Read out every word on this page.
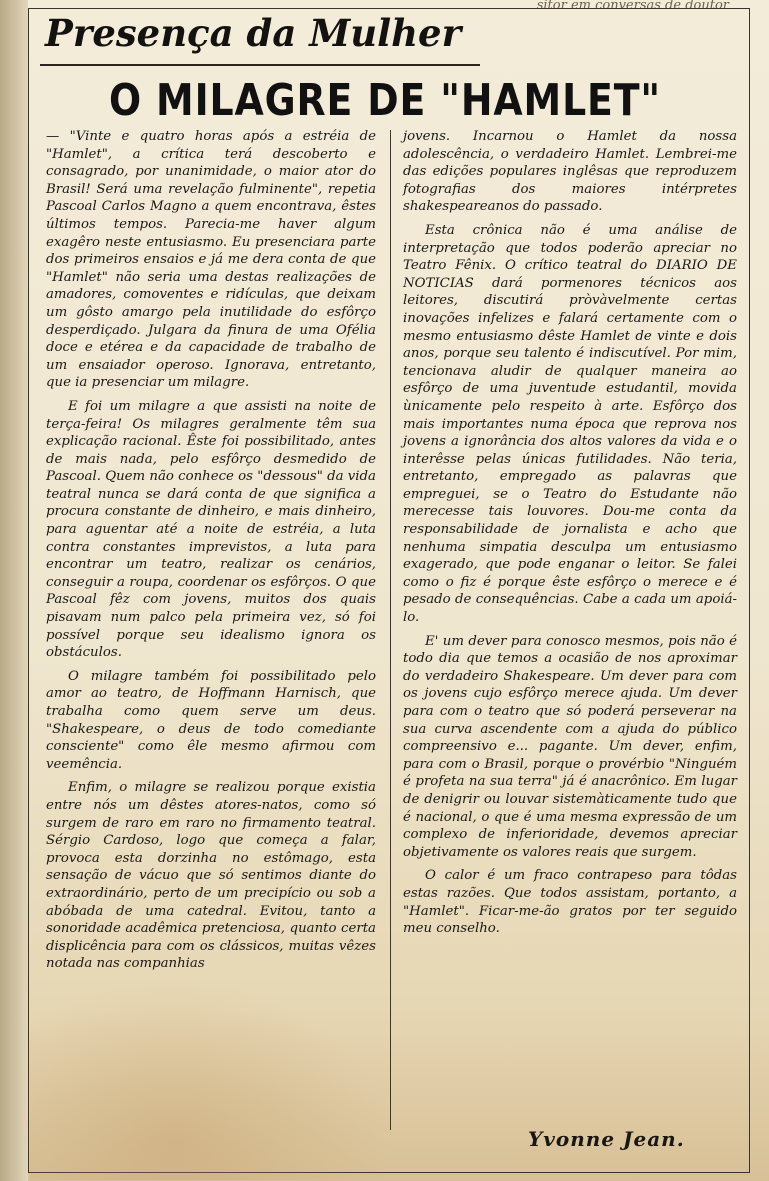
sitor em conversas de doutor
Presença da Mulher
O MILAGRE DE "HAMLET"

— "Vinte e quatro horas após a estréia de "Hamlet", a crítica terá descoberto e consagrado, por unanimidade, o maior ator do Brasil! Será uma revelação fulminente", repetia Pascoal Carlos Magno a quem encontrava, êstes últimos tempos. Parecia-me haver algum exagêro neste entusiasmo. Eu presenciara parte dos primeiros ensaios e já me dera conta de que "Hamlet" não seria uma destas realizações de amadores, comoventes e ridículas, que deixam um gôsto amargo pela inutilidade do esfôrço desperdiçado. Julgara da finura de uma Ofélia doce e etérea e da capacidade de trabalho de um ensaiador operoso. Ignorava, entretanto, que ia presenciar um milagre.

E foi um milagre a que assisti na noite de terça-feira! Os milagres geralmente têm sua explicação racional. Êste foi possibilitado, antes de mais nada, pelo esfôrço desmedido de Pascoal. Quem não conhece os "dessous" da vida teatral nunca se dará conta de que significa a procura constante de dinheiro, e mais dinheiro, para aguentar até a noite de estréia, a luta contra constantes imprevistos, a luta para encontrar um teatro, realizar os cenários, conseguir a roupa, coordenar os esfôrços. O que Pascoal fêz com jovens, muitos dos quais pisavam num palco pela primeira vez, só foi possível porque seu idealismo ignora os obstáculos.

O milagre também foi possibilitado pelo amor ao teatro, de Hoffmann Harnisch, que trabalha como quem serve um deus. "Shakespeare, o deus de todo comediante consciente" como êle mesmo afirmou com veemência.

Enfim, o milagre se realizou porque existia entre nós um dêstes atores-natos, como só surgem de raro em raro no firmamento teatral. Sérgio Cardoso, logo que começa a falar, provoca esta dorzinha no estômago, esta sensação de vácuo que só sentimos diante do extraordinário, perto de um precipício ou sob a abóbada de uma catedral. Evitou, tanto a sonoridade acadêmica pretenciosa, quanto certa displicência para com os clássicos, muitas vêzes notada nas companhias

jovens. Incarnou o Hamlet da nossa adolescência, o verdadeiro Hamlet. Lembrei-me das edições populares inglêsas que reproduzem fotografias dos maiores intérpretes shakespeareanos do passado.

Esta crônica não é uma análise de interpretação que todos poderão apreciar no Teatro Fênix. O crítico teatral do DIARIO DE NOTICIAS dará pormenores técnicos aos leitores, discutirá pròvàvelmente certas inovações infelizes e falará certamente com o mesmo entusiasmo dêste Hamlet de vinte e dois anos, porque seu talento é indiscutível. Por mim, tencionava aludir de qualquer maneira ao esfôrço de uma juventude estudantil, movida ùnicamente pelo respeito à arte. Esfôrço dos mais importantes numa época que reprova nos jovens a ignorância dos altos valores da vida e o interêsse pelas únicas futilidades. Não teria, entretanto, empregado as palavras que empreguei, se o Teatro do Estudante não merecesse tais louvores. Dou-me conta da responsabilidade de jornalista e acho que nenhuma simpatia desculpa um entusiasmo exagerado, que pode enganar o leitor. Se falei como o fiz é porque êste esfôrço o merece e é pesado de consequências. Cabe a cada um apoiá-lo.

E' um dever para conosco mesmos, pois não é todo dia que temos a ocasião de nos aproximar do verdadeiro Shakespeare. Um dever para com os jovens cujo esfôrço merece ajuda. Um dever para com o teatro que só poderá perseverar na sua curva ascendente com a ajuda do público compreensivo e... pagante. Um dever, enfim, para com o Brasil, porque o provérbio "Ninguém é profeta na sua terra" já é anacrônico. Em lugar de denigrir ou louvar sistemàticamente tudo que é nacional, o que é uma mesma expressão de um complexo de inferioridade, devemos apreciar objetivamente os valores reais que surgem.

O calor é um fraco contrapeso para tôdas estas razões. Que todos assistam, portanto, a "Hamlet". Ficar-me-ão gratos por ter seguido meu conselho.

Yvonne Jean.
